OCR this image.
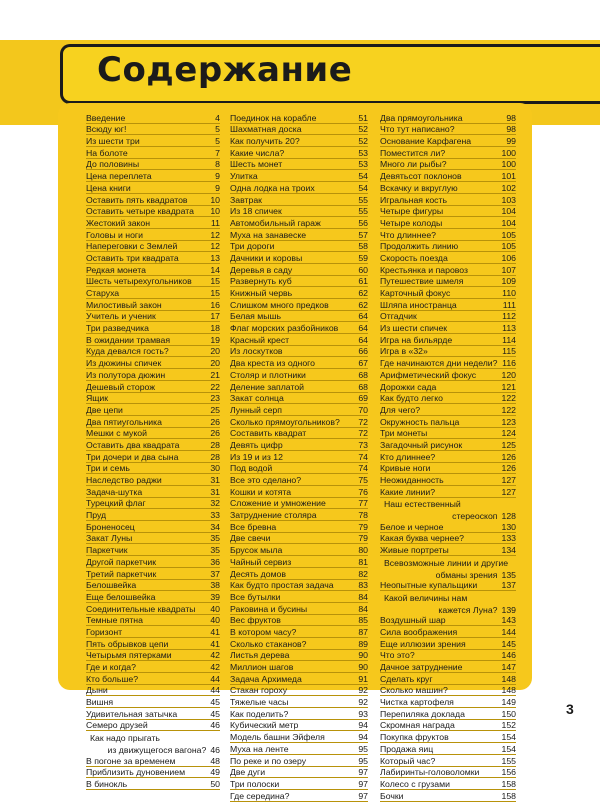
Содержание
Введение	4
Всюду юг!	5
Из шести три	5
На болоте	7
До половины	8
Цена переплета	9
Цена книги	9
Оставить пять квадратов	10
Оставить четыре квадрата	10
Жестокий закон	11
Головы и ноги	12
Напереговки с Землей	12
Оставить три квадрата	13
Редкая монета	14
Шесть четырехугольников	15
Старуха	15
Милостивый закон	16
Учитель и ученик	17
Три разведчика	18
В ожидании трамвая	19
Куда девался гость?	20
Из дюжины спичек	20
Из полутора дюжин	21
Дешевый сторож	22
Ящик	23
Две цепи	25
Два пятиугольника	26
Мешки с мукой	26
Оставить два квадрата	28
Три дочери и два сына	28
Три и семь	30
Наследство раджи	31
Задача-шутка	31
Турецкий флаг	32
Пруд	33
Броненосец	34
Закат Луны	35
Паркетчик	35
Другой паркетчик	36
Третий паркетчик	37
Белошвейка	38
Еще белошвейка	39
Соединительные квадраты	40
Темные пятна	40
Горизонт	41
Пять обрывков цепи	41
Четырьмя пятерками	42
Где и когда?	42
Кто больше?	44
Дыни	44
Вишня	45
Удивительная затычка	45
Семеро друзей	46
Как надо прыгать
из движущегося вагона? 46
В погоне за временем	48
Приблизить дуновением	49
В бинокль	50
Поединок на корабле	51
Шахматная доска	52
Как получить 20?	52
Какие числа?	53
Шесть монет	53
Улитка	54
Одна лодка на троих	54
Завтрак	55
Из 18 спичек	55
Автомобильный гараж	56
Муха на занавеске	57
Три дороги	58
Дачники и коровы	59
Деревья в саду	60
Развернуть куб	61
Книжный червь	62
Слишком много предков	62
Белая мышь	64
Флаг морских разбойников	64
Красный крест	64
Из лоскутков	66
Два креста из одного	67
Столяр и плотники	68
Деление заплатой	68
Закат солнца	69
Лунный серп	70
Сколько прямоугольников?	72
Составить квадрат	72
Девять цифр	73
Из 19 и из 12	74
Под водой	74
Все это сделано?	75
Кошки и котята	76
Сложение и умножение	77
Затруднение столяра	78
Все бревна	79
Две свечи	79
Брусок мыла	80
Чайный сервиз	81
Десять домов	82
Как будто простая задача	83
Все бутылки	84
Раковина и бусины	84
Вес фруктов	85
В котором часу?	87
Сколько стаканов?	89
Листья дерева	90
Миллион шагов	90
Задача Архимеда	91
Стакан гороху	92
Тяжелые часы	92
Как поделить?	93
Кубический метр	94
Модель башни Эйфеля	94
Муха на ленте	95
По реке и по озеру	95
Две дуги	97
Три полоски	97
Где середина?	97
Два прямоугольника	98
Что тут написано?	98
Основание Карфагена	99
Поместится ли?	100
Много ли рыбы?	100
Девятьсот поклонов	101
Вскачку и вкруглую	102
Игральная кость	103
Четыре фигуры	104
Четыре колоды	104
Что длиннее?	105
Продолжить линию	105
Скорость поезда	106
Крестьянка и паровоз	107
Путешествие шмеля	109
Карточный фокус	110
Шляпа иностранца	111
Отгадчик	112
Из шести спичек	113
Игра на бильярде	114
Игра в «32»	115
Где начинаются дни недели? 116
Арифметический фокус	120
Дорожки сада	121
Как будто легко	122
Для чего?	122
Окружность пальца	123
Три монеты	124
Загадочный рисунок	125
Кто длиннее?	126
Кривые ноги	126
Неожиданность	127
Какие линии?	127
Наш естественный
стереоскоп 128
Белое и черное	130
Какая буква чернее?	133
Живые портреты	134
Всевозможные линии и другие
обманы зрения 135
Неопытные купальщики	137
Какой величины нам
кажется Луна? 139
Воздушный шар	143
Сила воображения	144
Еще иллюзии зрения	145
Что это?	146
Дачное затруднение	147
Сделать круг	148
Сколько машин?	148
Чистка картофеля	149
Перепиляка доклада	150
Скромная награда	152
Покупка фруктов	154
Продажа яиц	154
Который час?	155
Лабиринты-головоломки	156
Колесо с грузами	158
Бочки	158
3
